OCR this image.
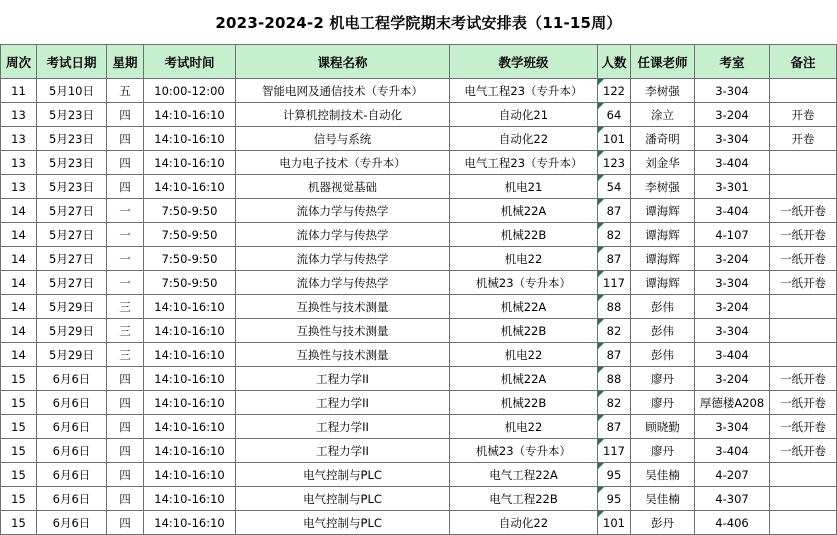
2023-2024-2 机电工程学院期末考试安排表（11-15周）
周次	考试日期	星期	考试时间	课程名称	教学班级	人数	任课老师	考室	备注
11	5月10日	五	10:00-12:00	智能电网及通信技术（专升本）	电气工程23（专升本）	122	李树强	3-304	
13	5月23日	四	14:10-16:10	计算机控制技术-自动化	自动化21	64	涂立	3-204	开卷
13	5月23日	四	14:10-16:10	信号与系统	自动化22	101	潘奇明	3-304	开卷
13	5月23日	四	14:10-16:10	电力电子技术（专升本）	电气工程23（专升本）	123	刘金华	3-404	
13	5月23日	四	14:10-16:10	机器视觉基础	机电21	54	李树强	3-301	
14	5月27日	一	7:50-9:50	流体力学与传热学	机械22A	87	谭海辉	3-404	一纸开卷
14	5月27日	一	7:50-9:50	流体力学与传热学	机械22B	82	谭海辉	4-107	一纸开卷
14	5月27日	一	7:50-9:50	流体力学与传热学	机电22	87	谭海辉	3-204	一纸开卷
14	5月27日	一	7:50-9:50	流体力学与传热学	机械23（专升本）	117	谭海辉	3-304	一纸开卷
14	5月29日	三	14:10-16:10	互换性与技术测量	机械22A	88	彭伟	3-204	
14	5月29日	三	14:10-16:10	互换性与技术测量	机械22B	82	彭伟	3-304	
14	5月29日	三	14:10-16:10	互换性与技术测量	机电22	87	彭伟	3-404	
15	6月6日	四	14:10-16:10	工程力学II	机械22A	88	廖丹	3-204	一纸开卷
15	6月6日	四	14:10-16:10	工程力学II	机械22B	82	廖丹	厚德楼A208	一纸开卷
15	6月6日	四	14:10-16:10	工程力学II	机电22	87	顾晓勤	3-304	一纸开卷
15	6月6日	四	14:10-16:10	工程力学II	机械23（专升本）	117	廖丹	3-404	一纸开卷
15	6月6日	四	14:10-16:10	电气控制与PLC	电气工程22A	95	吴佳楠	4-207	
15	6月6日	四	14:10-16:10	电气控制与PLC	电气工程22B	95	吴佳楠	4-307	
15	6月6日	四	14:10-16:10	电气控制与PLC	自动化22	101	彭丹	4-406	
